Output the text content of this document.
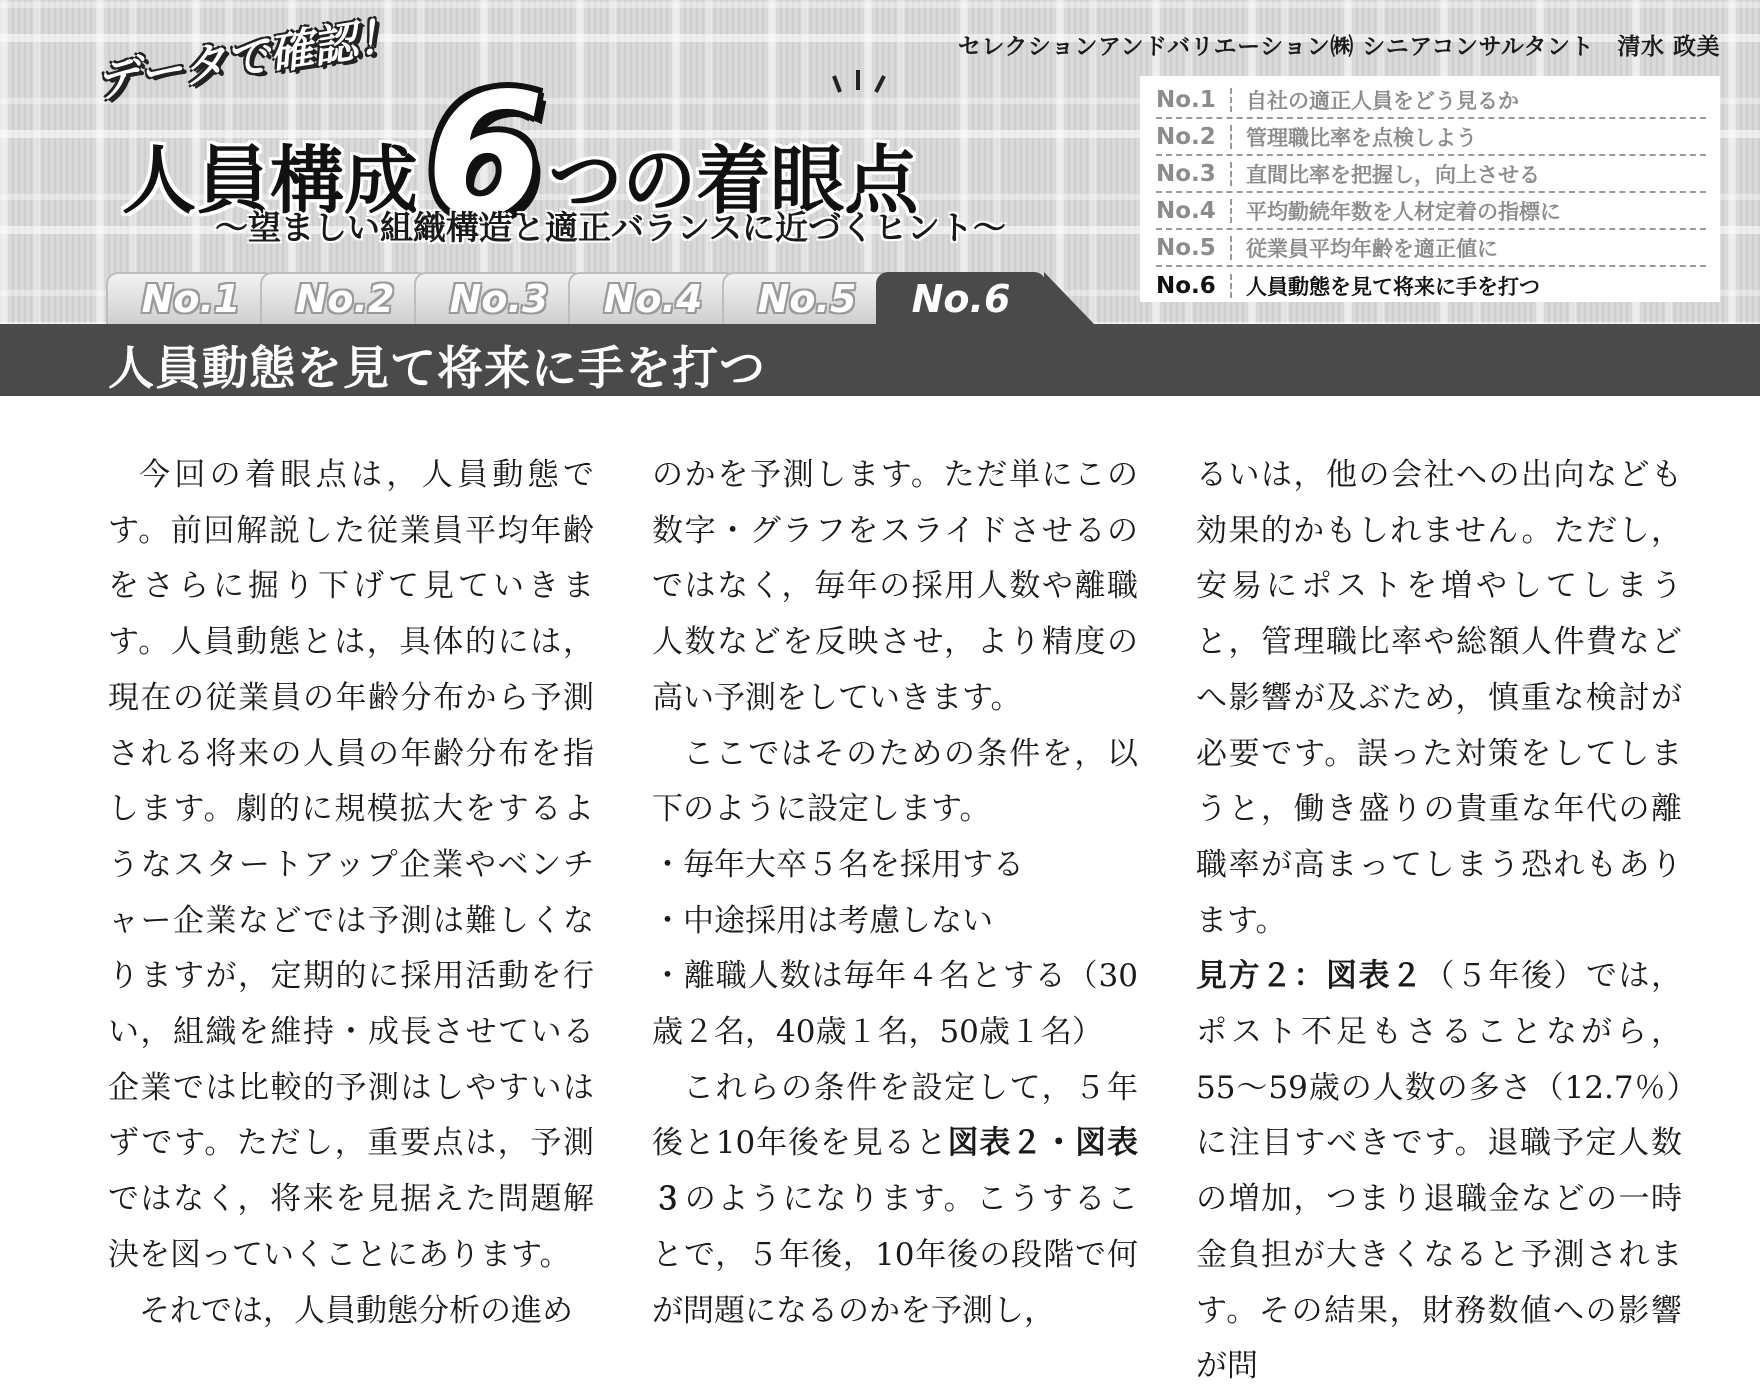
セレクションアンドバリエーション㈱ シニアコンサルタント　清水 政美
データで確認！
人員構成 6 つの着眼点
〜望ましい組織構造と適正バランスに近づくヒント〜
No.1	自社の適正人員をどう見るか
No.2	管理職比率を点検しよう
No.3	直間比率を把握し，向上させる
No.4	平均勤続年数を人材定着の指標に
No.5	従業員平均年齢を適正値に
No.6	人員動態を見て将来に手を打つ
No.1	No.2	No.3	No.4	No.5	No.6
人員動態を見て将来に手を打つ

今回の着眼点は，人員動態です。前回解説した従業員平均年齢をさらに掘り下げて見ていきます。人員動態とは，具体的には，現在の従業員の年齢分布から予測される将来の人員の年齢分布を指します。劇的に規模拡大をするようなスタートアップ企業やベンチャー企業などでは予測は難しくなりますが，定期的に採用活動を行い，組織を維持・成長させている企業では比較的予測はしやすいはずです。ただし，重要点は，予測ではなく，将来を見据えた問題解決を図っていくことにあります。

それでは，人員動態分析の進め

のかを予測します。ただ単にこの数字・グラフをスライドさせるのではなく，毎年の採用人数や離職人数などを反映させ，より精度の高い予測をしていきます。

ここではそのための条件を，以下のように設定します。

・毎年大卒５名を採用する

・中途採用は考慮しない

・離職人数は毎年４名とする（30歳２名，40歳１名，50歳１名）

これらの条件を設定して，５年後と10年後を見ると図表２・図表３のようになります。こうすることで，５年後，10年後の段階で何が問題になるのかを予測し，

るいは，他の会社への出向なども効果的かもしれません。ただし，安易にポストを増やしてしまうと，管理職比率や総額人件費などへ影響が及ぶため，慎重な検討が必要です。誤った対策をしてしまうと，働き盛りの貴重な年代の離職率が高まってしまう恐れもあります。

見方２：図表２（５年後）では，ポスト不足もさることながら，55〜59歳の人数の多さ（12.7％）に注目すべきです。退職予定人数の増加，つまり退職金などの一時金負担が大きくなると予測されます。その結果，財務数値への影響が問
